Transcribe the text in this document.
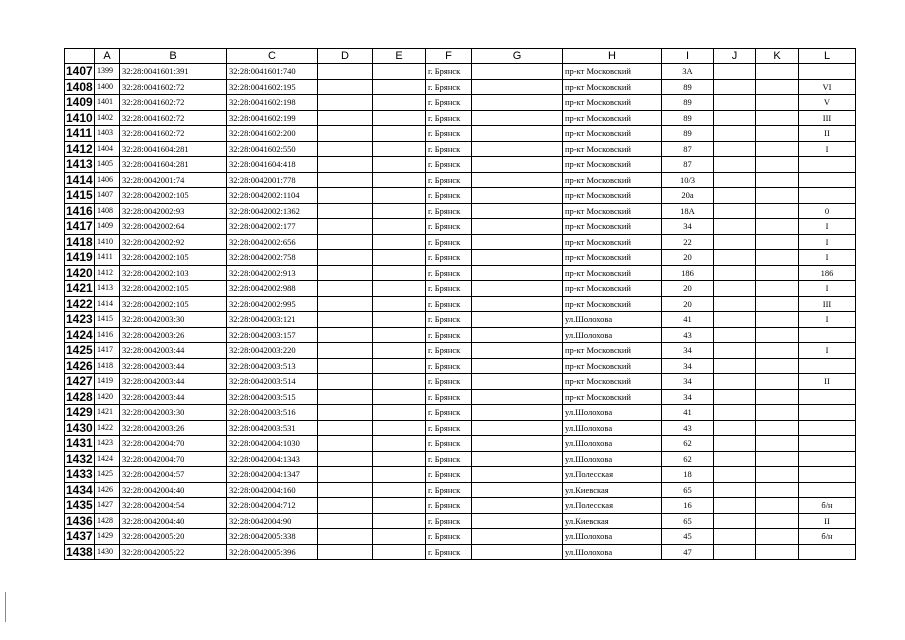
	A	B	C	D	E	F	G	H	I	J	K	L
1407	1399	32:28:0041601:391	32:28:0041601:740			г. Брянск		пр-кт Московский	3А			
1408	1400	32:28:0041602:72	32:28:0041602:195			г. Брянск		пр-кт Московский	89			VI
1409	1401	32:28:0041602:72	32:28:0041602:198			г. Брянск		пр-кт Московский	89			V
1410	1402	32:28:0041602:72	32:28:0041602:199			г. Брянск		пр-кт Московский	89			III
1411	1403	32:28:0041602:72	32:28:0041602:200			г. Брянск		пр-кт Московский	89			II
1412	1404	32:28:0041604:281	32:28:0041602:550			г. Брянск		пр-кт Московский	87			I
1413	1405	32:28:0041604:281	32:28:0041604:418			г. Брянск		пр-кт Московский	87			
1414	1406	32:28:0042001:74	32:28:0042001:778			г. Брянск		пр-кт Московский	10/3			
1415	1407	32:28:0042002:105	32:28:0042002:1104			г. Брянск		пр-кт Московский	20а			
1416	1408	32:28:0042002:93	32:28:0042002:1362			г. Брянск		пр-кт Московский	18А			0
1417	1409	32:28:0042002:64	32:28:0042002:177			г. Брянск		пр-кт Московский	34			I
1418	1410	32:28:0042002:92	32:28:0042002:656			г. Брянск		пр-кт Московский	22			I
1419	1411	32:28:0042002:105	32:28:0042002:758			г. Брянск		пр-кт Московский	20			I
1420	1412	32:28:0042002:103	32:28:0042002:913			г. Брянск		пр-кт Московский	186			186
1421	1413	32:28:0042002:105	32:28:0042002:988			г. Брянск		пр-кт Московский	20			I
1422	1414	32:28:0042002:105	32:28:0042002:995			г. Брянск		пр-кт Московский	20			III
1423	1415	32:28:0042003:30	32:28:0042003:121			г. Брянск		ул.Шолохова	41			I
1424	1416	32:28:0042003:26	32:28:0042003:157			г. Брянск		ул.Шолохова	43			
1425	1417	32:28:0042003:44	32:28:0042003:220			г. Брянск		пр-кт Московский	34			I
1426	1418	32:28:0042003:44	32:28:0042003:513			г. Брянск		пр-кт Московский	34			
1427	1419	32:28:0042003:44	32:28:0042003:514			г. Брянск		пр-кт Московский	34			II
1428	1420	32:28:0042003:44	32:28:0042003:515			г. Брянск		пр-кт Московский	34			
1429	1421	32:28:0042003:30	32:28:0042003:516			г. Брянск		ул.Шолохова	41			
1430	1422	32:28:0042003:26	32:28:0042003:531			г. Брянск		ул.Шолохова	43			
1431	1423	32:28:0042004:70	32:28:0042004:1030			г. Брянск		ул.Шолохова	62			
1432	1424	32:28:0042004:70	32:28:0042004:1343			г. Брянск		ул.Шолохова	62			
1433	1425	32:28:0042004:57	32:28:0042004:1347			г. Брянск		ул.Полесская	18			
1434	1426	32:28:0042004:40	32:28:0042004:160			г. Брянск		ул.Киевская	65			
1435	1427	32:28:0042004:54	32:28:0042004:712			г. Брянск		ул.Полесская	16			б/н
1436	1428	32:28:0042004:40	32:28:0042004:90			г. Брянск		ул.Киевская	65			II
1437	1429	32:28:0042005:20	32:28:0042005:338			г. Брянск		ул.Шолохова	45			б/н
1438	1430	32:28:0042005:22	32:28:0042005:396			г. Брянск		ул.Шолохова	47			
